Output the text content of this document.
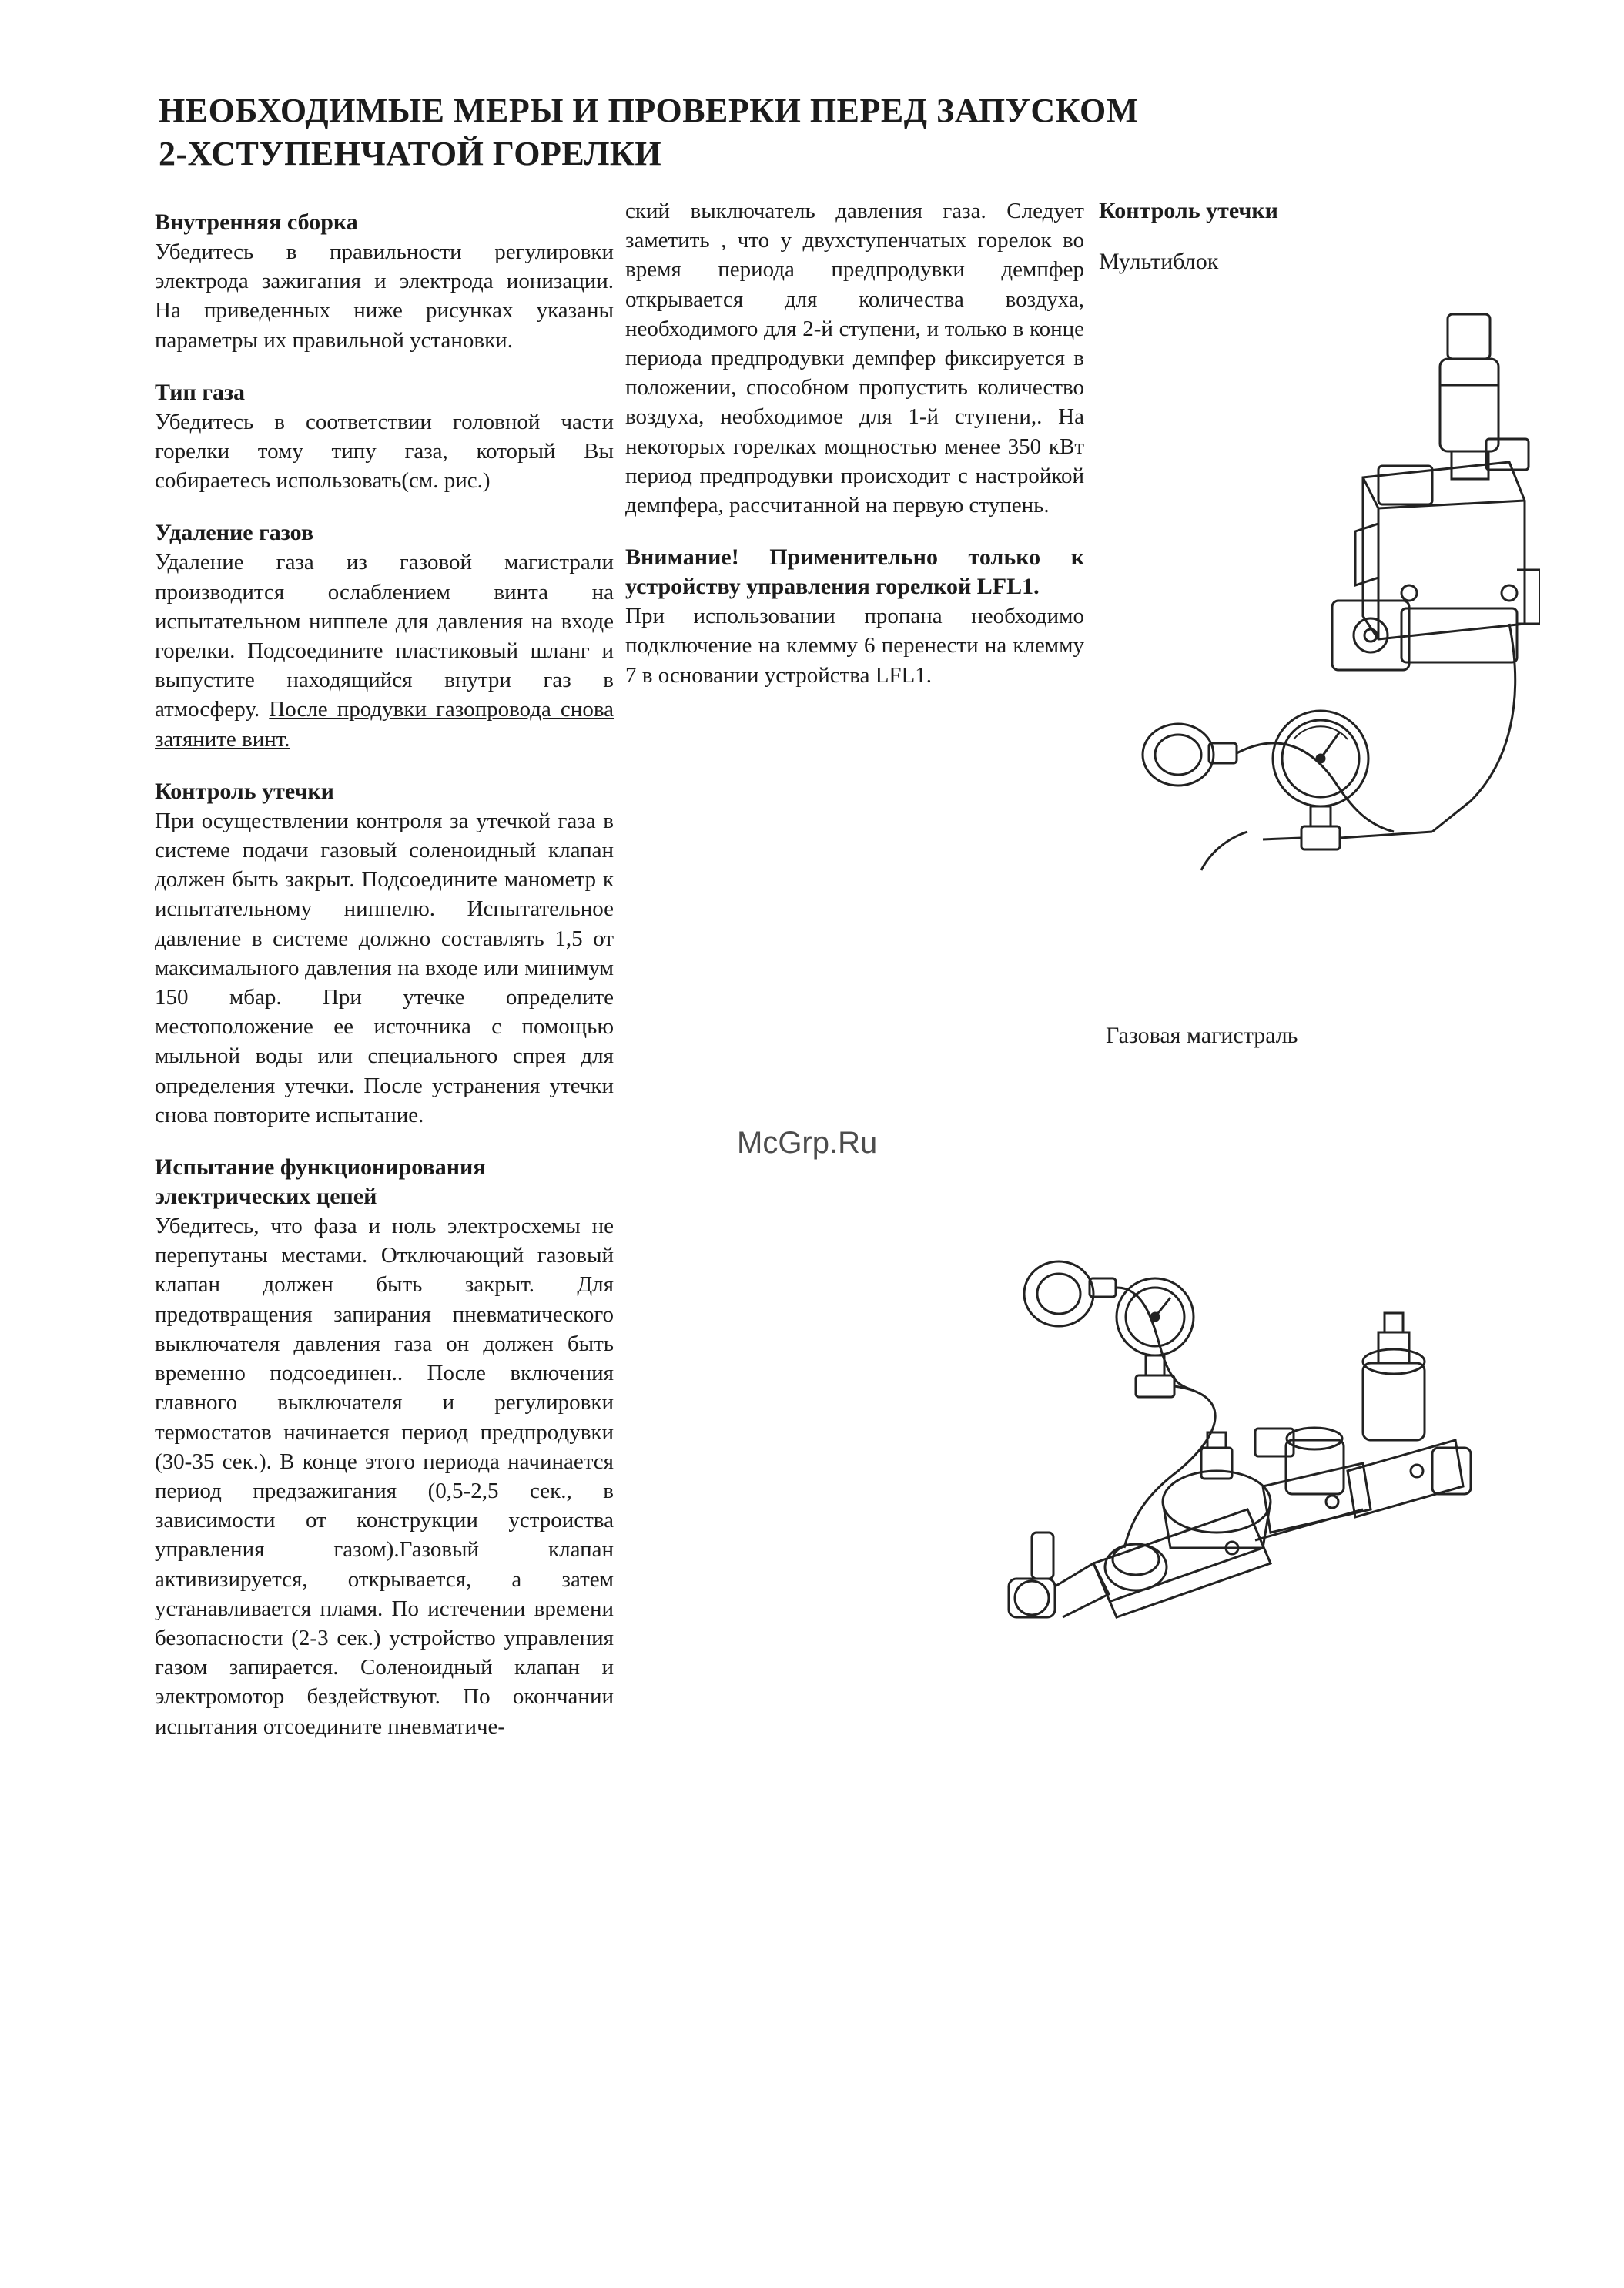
НЕОБХОДИМЫЕ МЕРЫ И ПРОВЕРКИ ПЕРЕД ЗАПУСКОМ
2-ХСТУПЕНЧАТОЙ ГОРЕЛКИ

Внутренняя сборка

Убедитесь в правильности регулировки электрода зажигания и электрода ионизации. На приведенных ниже рисунках указаны параметры их правильной установки.

Тип газа

Убедитесь в соответствии головной части горелки тому типу газа, который Вы собираетесь использовать(см. рис.)

Удаление газов

Удаление газа из газовой магистрали производится ослаблением винта на испытательном ниппеле для давления на входе горелки. Подсоедините пластиковый шланг и выпустите находящийся внутри газ в атмосферу. После продувки газопровода снова затяните винт.

Контроль утечки

При осуществлении контроля за утечкой газа в системе подачи газовый соленоидный клапан должен быть закрыт. Подсоедините манометр к испытательному ниппелю. Испытательное давление в системе должно составлять 1,5 от максимального давления на входе или минимум 150 мбар. При утечке определите местоположение ее источника с помощью мыльной воды или специального спрея для определения утечки. После устранения утечки снова повторите испытание.

Испытание функционирования

электрических цепей

Убедитесь, что фаза и ноль электросхемы не перепутаны местами. Отключающий газовый клапан должен быть закрыт. Для предотвращения запирания пневматического выключателя давления газа он должен быть временно подсоединен.. После включения главного выключателя и регулировки термостатов начинается период предпродувки (30-35 сек.). В конце этого периода начинается период предзажигания (0,5-2,5 сек., в зависимости от конструкции устроиства управления газом).Газовый клапан активизируется, открывается, а затем устанавливается пламя. По истечении времени безопасности (2-3 сек.) устройство управления газом запирается. Соленоидный клапан и электромотор бездействуют. По окончании испытания отсоедините пневматиче-

ский выключатель давления газа. Следует заметить , что у двухступенчатых горелок во время периода предпродувки демпфер открывается для количества воздуха, необходимого для 2-й ступени, и только в конце периода предпродувки демпфер фиксируется в положении, способном пропустить количество воздуха, необходимое для 1-й ступени,. На некоторых горелках мощностью менее 350 кВт период предпродувки происходит с настройкой демпфера, рассчитанной на первую ступень.

Внимание! Применительно только к устройству управления горелкой LFL1.

При использовании пропана необходимо подключение на клемму 6 перенести на клемму 7 в основании устройства LFL1.

Контроль утечки

Мультиблок

Газовая магистраль
McGrp.Ru
